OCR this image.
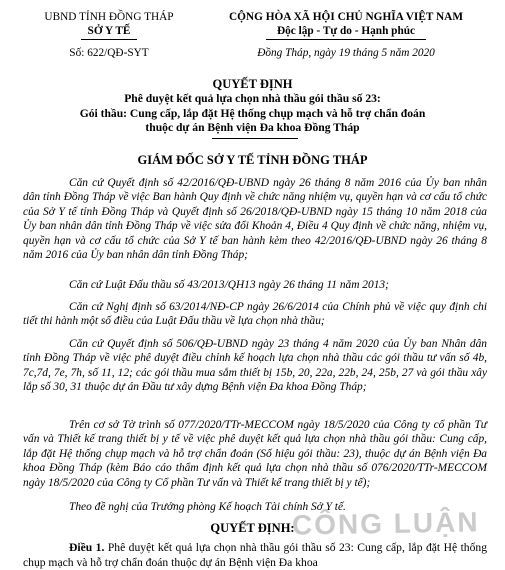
UBND TỈNH ĐỒNG THÁP
SỞ Y TẾ
Số: 622/QĐ-SYT
CỘNG HÒA XÃ HỘI CHỦ NGHĨA VIỆT NAM
Độc lập - Tự do - Hạnh phúc
Đồng Tháp, ngày 19 tháng 5 năm 2020
QUYẾT ĐỊNH
Phê duyệt kết quả lựa chọn nhà thầu gói thầu số 23:
Gói thầu: Cung cấp, lắp đặt Hệ thống chụp mạch và hỗ trợ chẩn đoán
thuộc dự án Bệnh viện Đa khoa Đồng Tháp
GIÁM ĐỐC SỞ Y TẾ TỈNH ĐỒNG THÁP
Căn cứ Quyết định số 42/2016/QĐ-UBND ngày 26 tháng 8 năm 2016 của Ủy ban nhân dân tỉnh Đồng Tháp về việc Ban hành Quy định về chức năng nhiệm vụ, quyền hạn và cơ cấu tổ chức của Sở Y tế tỉnh Đồng Tháp và Quyết định số 26/2018/QĐ-UBND ngày 15 tháng 10 năm 2018 của Ủy ban nhân dân tỉnh Đồng Tháp về việc sửa đổi Khoản 4, Điều 4 Quy định về chức năng, nhiệm vụ, quyền hạn và cơ cấu tổ chức của Sở Y tế ban hành kèm theo 42/2016/QĐ-UBND ngày 26 tháng 8 năm 2016 của Ủy ban nhân dân tỉnh Đồng Tháp;
Căn cứ Luật Đấu thầu số 43/2013/QH13 ngày 26 tháng 11 năm 2013;
Căn cứ Nghị định số 63/2014/NĐ-CP ngày 26/6/2014 của Chính phủ về việc quy định chi tiết thi hành một số điều của Luật Đấu thầu về lựa chọn nhà thầu;
Căn cứ Quyết định số 506/QĐ-UBND ngày 23 tháng 4 năm 2020 của Ủy ban Nhân dân tỉnh Đồng Tháp về việc phê duyệt điều chỉnh kế hoạch lựa chọn nhà thầu các gói thầu tư vấn số 4b, 7c,7d, 7e, 7h, số 11, 12; các gói thầu mua sắm thiết bị 15b, 20, 22a, 22b, 24, 25b, 27 và gói thầu xây lắp số 30, 31 thuộc dự án Đầu tư xây dựng Bệnh viện Đa khoa Đồng Tháp;
Trên cơ sở Tờ trình số 077/2020/TTr-MECCOM ngày 18/5/2020 của Công ty cổ phần Tư vấn và Thiết kế trang thiết bị y tế về việc phê duyệt kết quả lựa chọn nhà thầu gói thầu: Cung cấp, lắp đặt Hệ thống chụp mạch và hỗ trợ chẩn đoán (Số hiệu gói thầu: 23), thuộc dự án Bệnh viện Đa khoa Đồng Tháp (kèm Báo cáo thẩm định kết quả lựa chọn nhà thầu số 076/2020/TTr-MECCOM ngày 18/5/2020 của Công ty Cổ phần Tư vấn và Thiết kế trang thiết bị y tế);
Theo đề nghị của Trưởng phòng Kế hoạch Tài chính Sở Y tế.
QUYẾT ĐỊNH:
Điều 1. Phê duyệt kết quả lựa chọn nhà thầu gói thầu số 23: Cung cấp, lắp đặt Hệ thống chụp mạch và hỗ trợ chẩn đoán thuộc dự án Bệnh viện Đa khoa
CÔNG LUẬN
